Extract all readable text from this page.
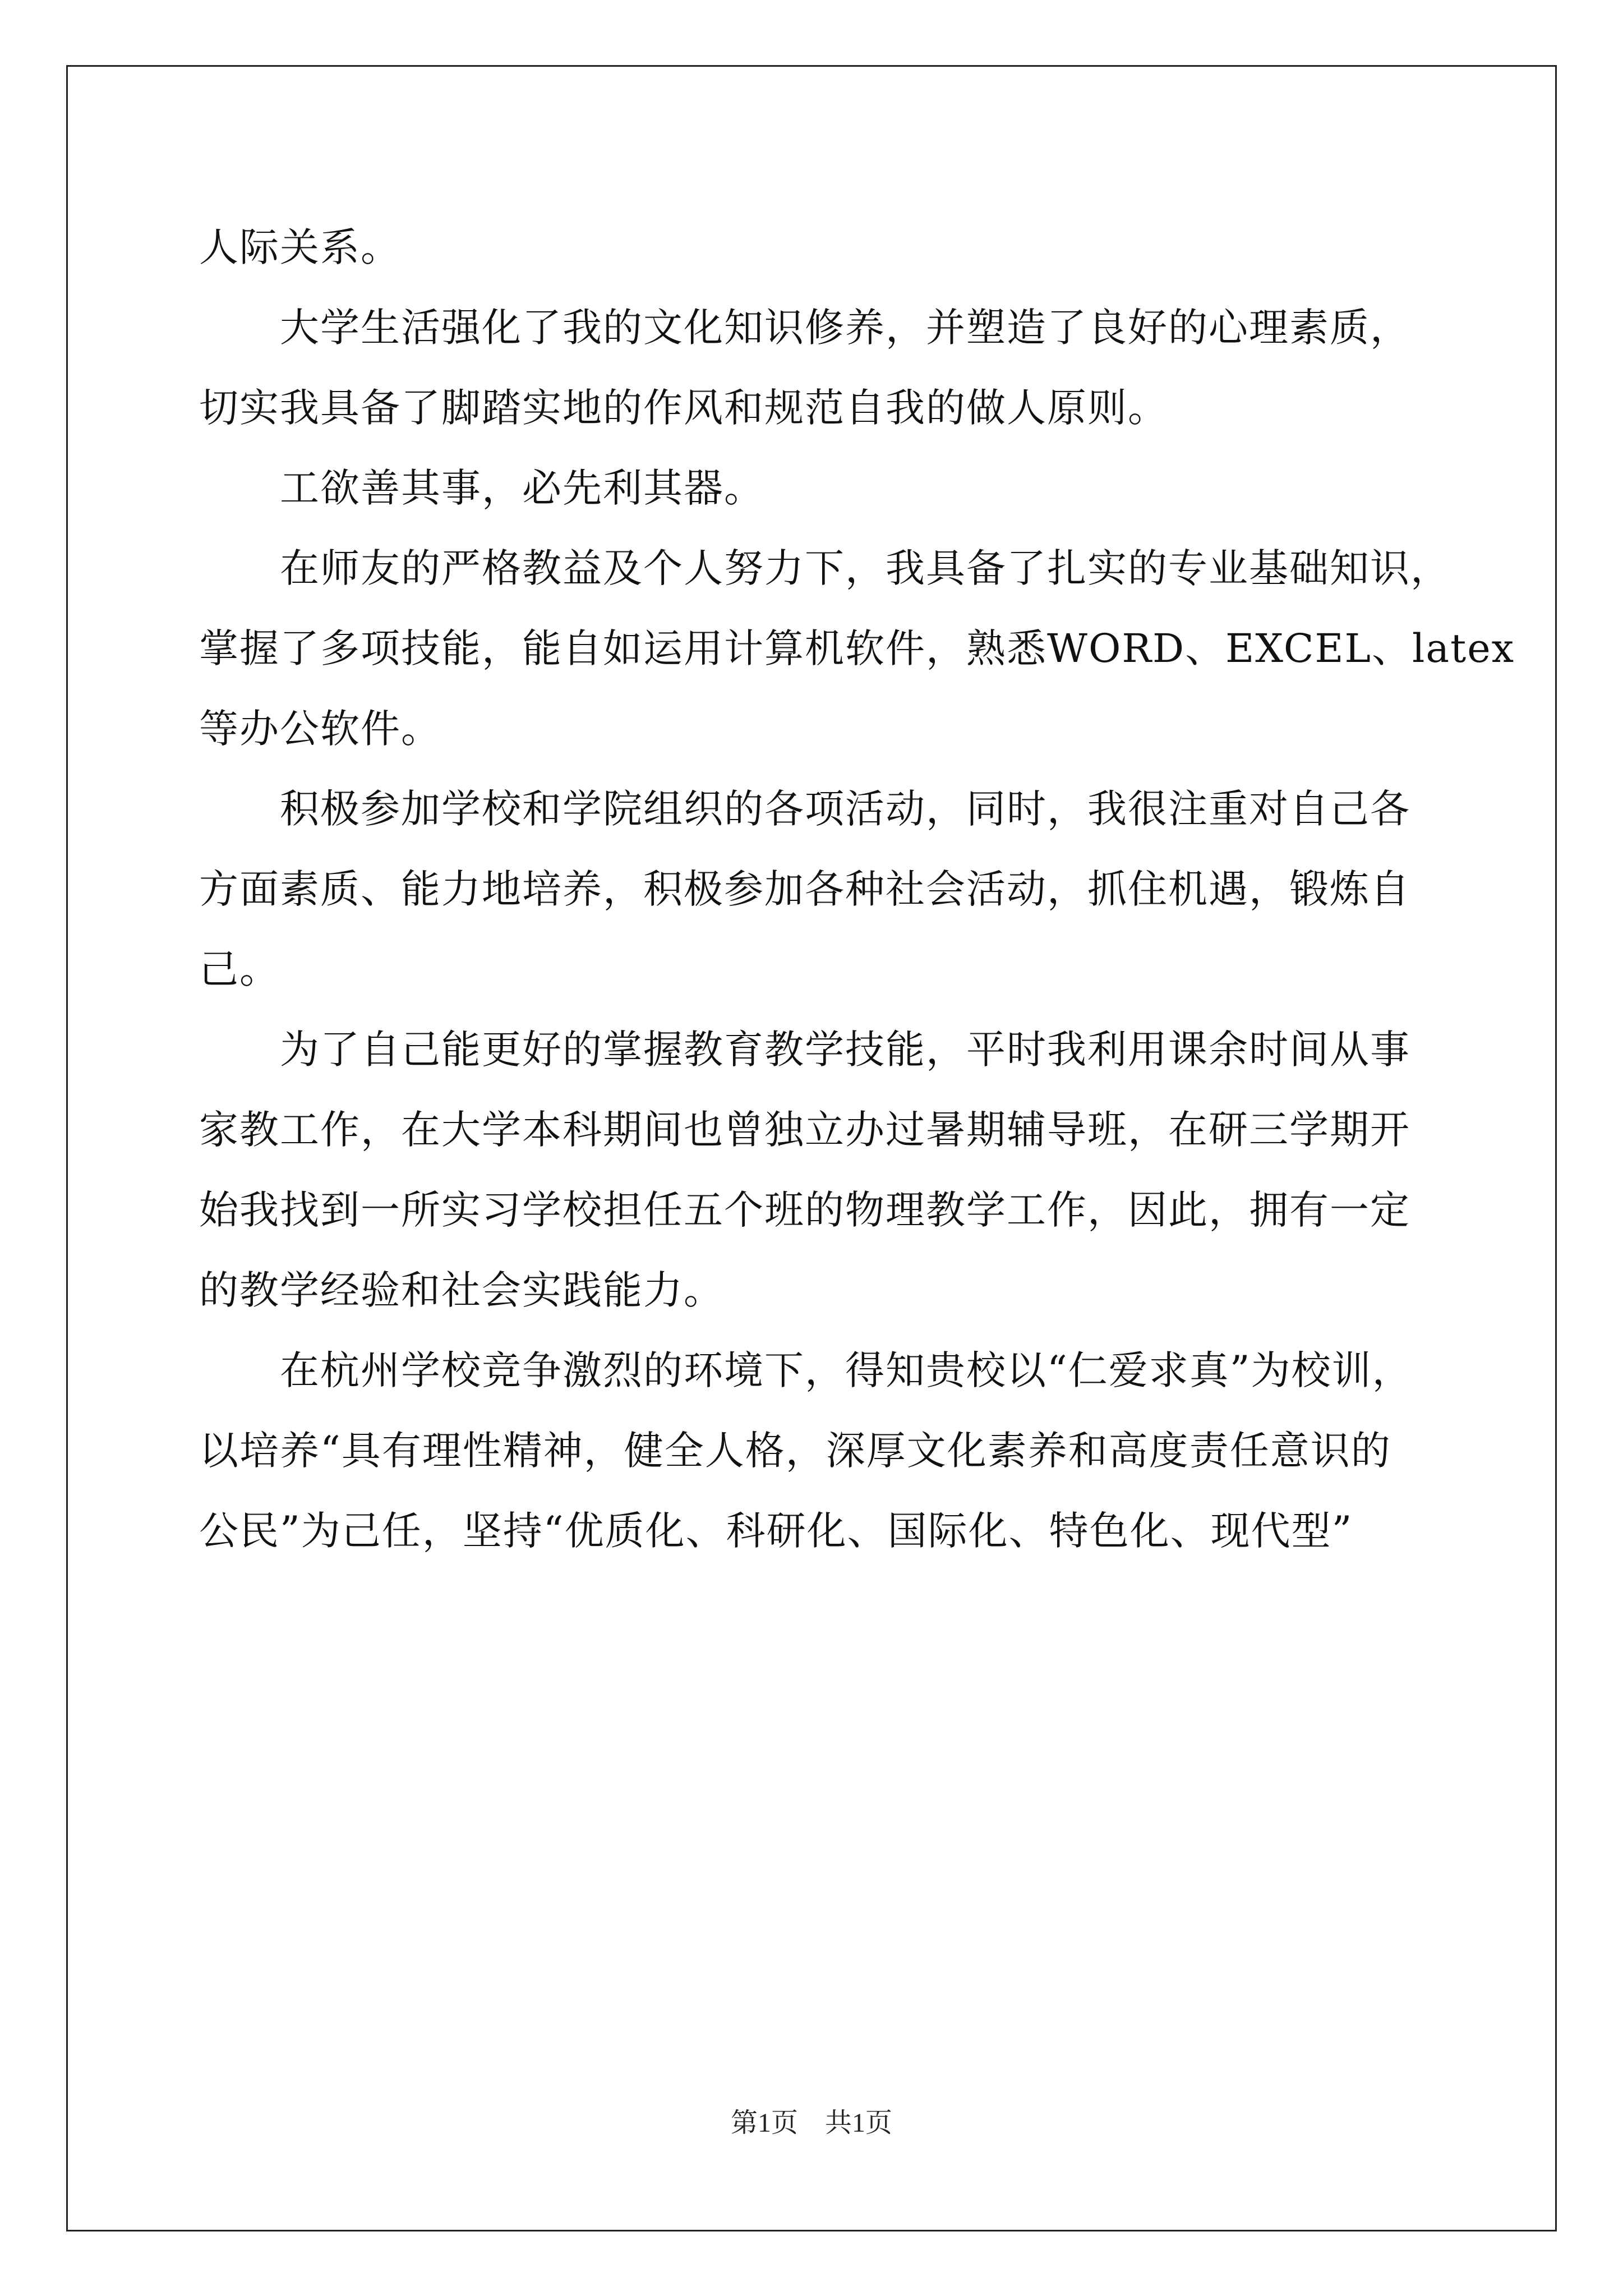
人际关系。
　　大学生活强化了我的文化知识修养，并塑造了良好的心理素质，
切实我具备了脚踏实地的作风和规范自我的做人原则。
　　工欲善其事，必先利其器。
　　在师友的严格教益及个人努力下，我具备了扎实的专业基础知识，
掌握了多项技能，能自如运用计算机软件，熟悉WORD、EXCEL、latex
等办公软件。
　　积极参加学校和学院组织的各项活动，同时，我很注重对自己各
方面素质、能力地培养，积极参加各种社会活动，抓住机遇，锻炼自
己。
　　为了自己能更好的掌握教育教学技能，平时我利用课余时间从事
家教工作，在大学本科期间也曾独立办过暑期辅导班，在研三学期开
始我找到一所实习学校担任五个班的物理教学工作，因此，拥有一定
的教学经验和社会实践能力。
　　在杭州学校竞争激烈的环境下，得知贵校以“仁爱求真”为校训，
以培养“具有理性精神，健全人格，深厚文化素养和高度责任意识的
公民”为己任，坚持“优质化、科研化、国际化、特色化、现代型”
第1页　共1页
